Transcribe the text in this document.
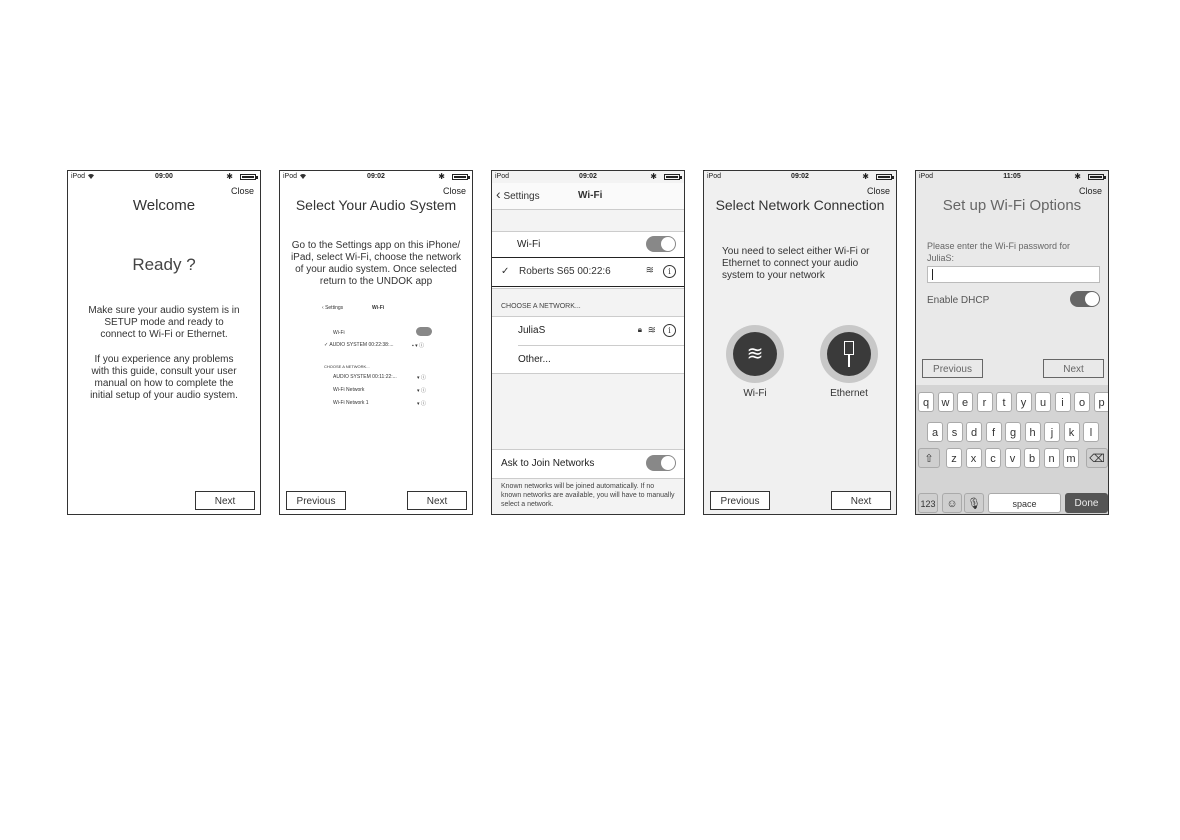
iPod	09:00	✱
Close
Welcome
Ready ?
Make sure your audio system is in SETUP mode and ready to connect to Wi-Fi or Ethernet.
If you experience any problems with this guide, consult your user manual on how to complete the initial setup of your audio system.
Next
iPod	09:02	✱
Close
Select Your Audio System
Go to the Settings app on this iPhone/ iPad, select Wi-Fi, choose the network of your audio system. Once selected return to the UNDOK app
‹ Settings	Wi-Fi
Wi-Fi
✓ AUDIO SYSTEM 00:22:38:...	▪ ▾ ⓘ
CHOOSE A NETWORK...
AUDIO SYSTEM 00:11:22:...	▾ ⓘ
Wi-Fi Network	▾ ⓘ
Wi-Fi Network 1	▾ ⓘ
Previous	Next
iPod	09:02	✱
‹ Settings	Wi-Fi
Wi-Fi
✓ Roberts S65 00:22:6	≋	i
CHOOSE A NETWORK...
JuliaS	🔒︎ ≋	i
Other...
Ask to Join Networks
Known networks will be joined automatically. If no known networks are available, you will have to manually select a network.
iPod	09:02	✱
Close
Select Network Connection
You need to select either Wi-Fi or Ethernet to connect your audio system to your network
≋
Wi-Fi	Ethernet
Previous	Next
iPod	11:05	✱
Close
Set up Wi-Fi Options
Please enter the Wi-Fi password for JuliaS:
Enable DHCP
Previous	Next
⇧	⌫
123 ☺ 🎙︎	space	Done
q	w	e	r	t	y	u	i	o	p
a	s	d	f	g	h	j	k	l
z	x	c	v	b	n	m
